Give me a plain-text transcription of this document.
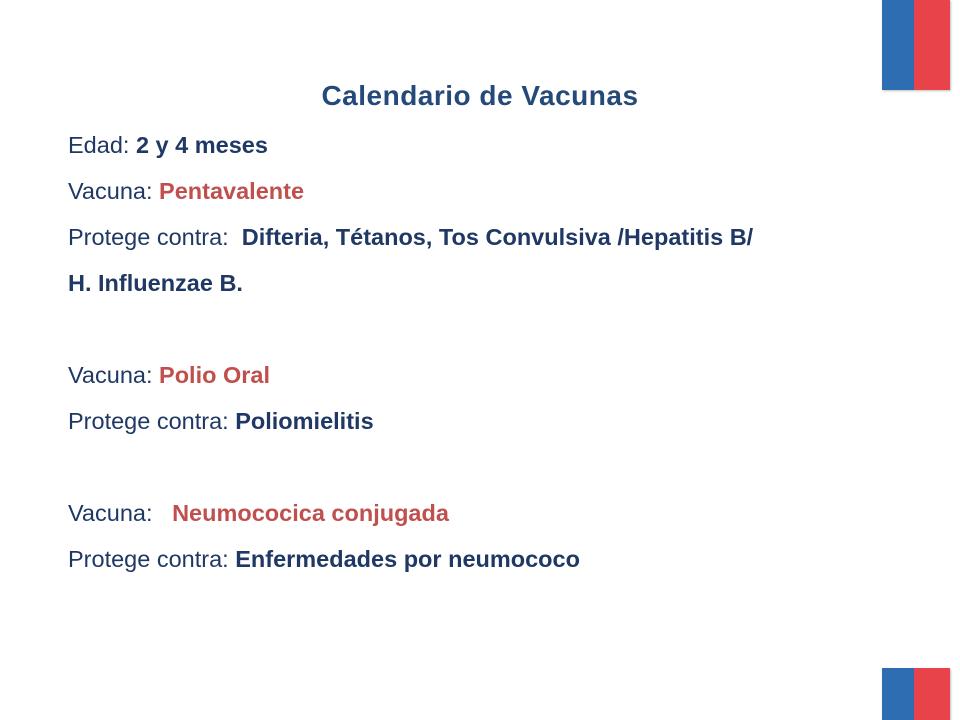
Calendario de Vacunas
Edad: 2 y 4 meses
Vacuna: Pentavalente
Protege contra:  Difteria, Tétanos, Tos Convulsiva /Hepatitis B/
H. Influenzae B.
Vacuna: Polio Oral
Protege contra: Poliomielitis
Vacuna:   Neumococica conjugada
Protege contra: Enfermedades por neumococo
